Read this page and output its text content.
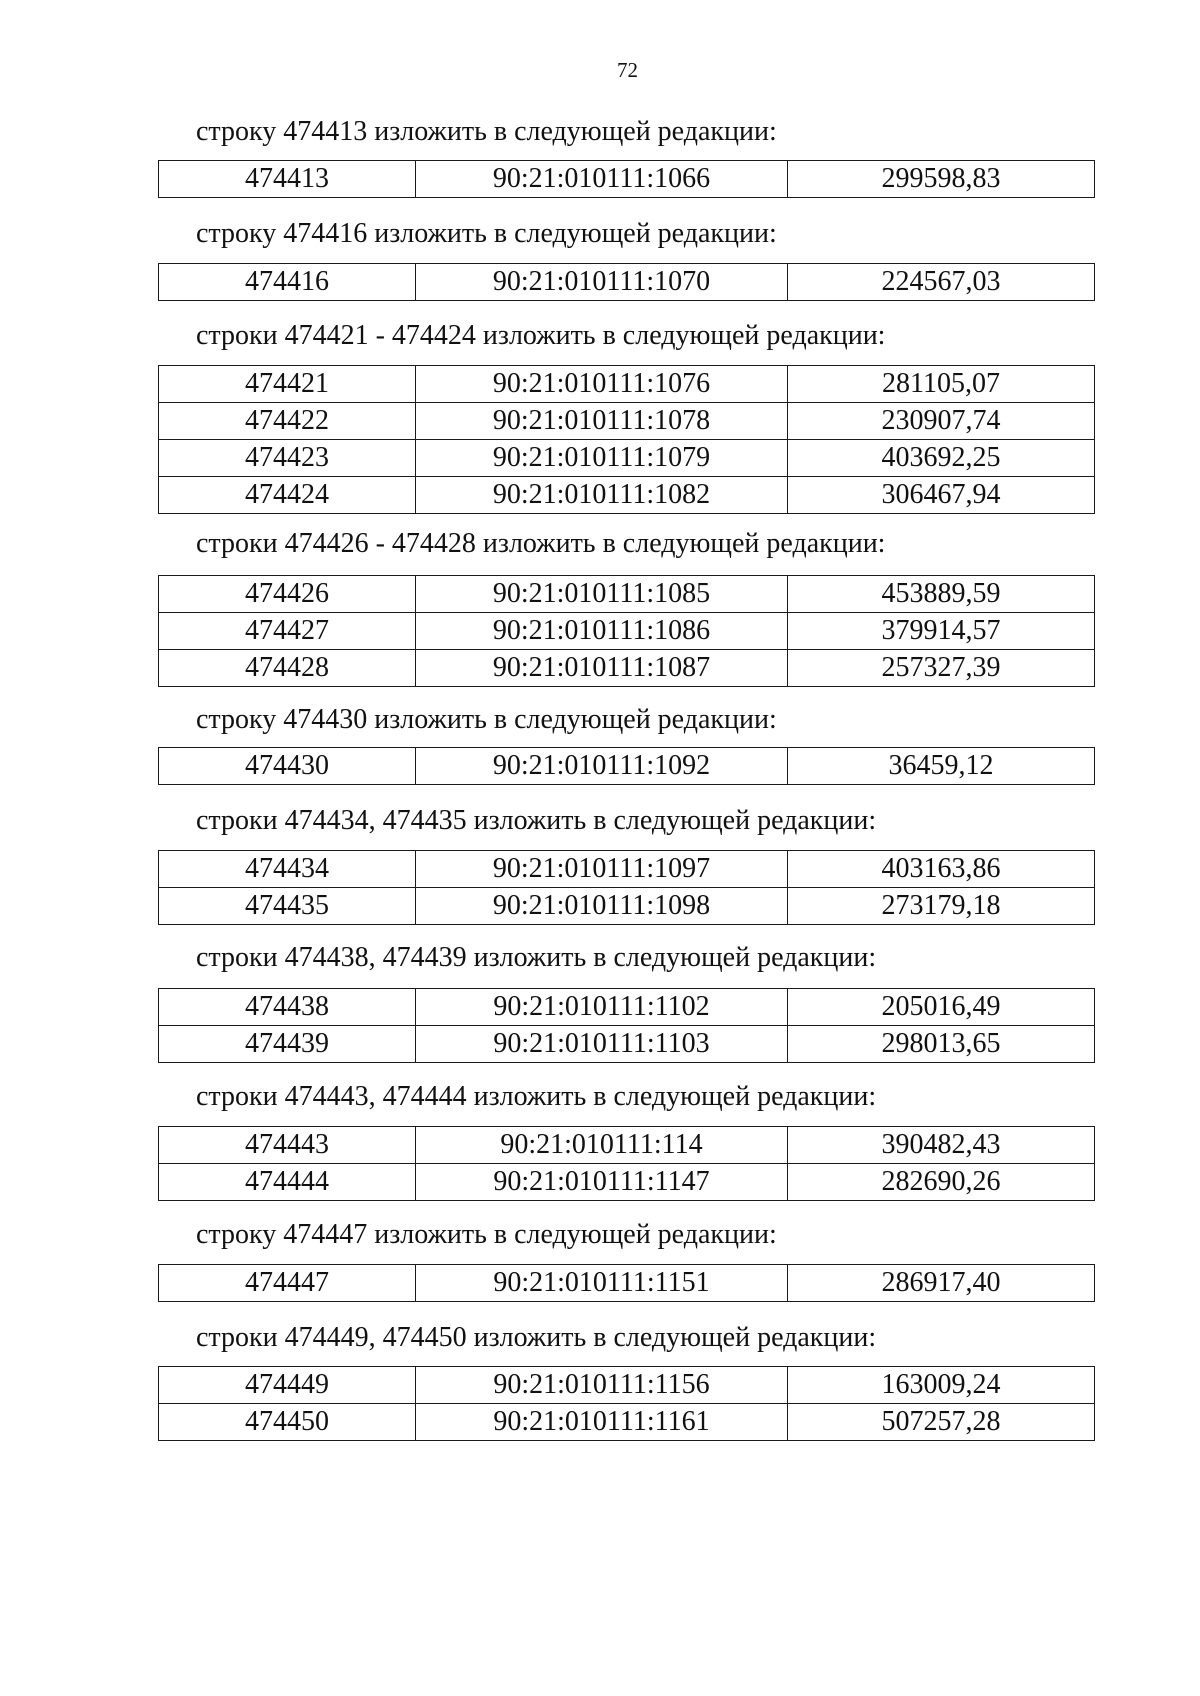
72
строку 474413 изложить в следующей редакции:
474413	90:21:010111:1066	299598,83
строку 474416 изложить в следующей редакции:
474416	90:21:010111:1070	224567,03
строки 474421 - 474424 изложить в следующей редакции:
474421	90:21:010111:1076	281105,07
474422	90:21:010111:1078	230907,74
474423	90:21:010111:1079	403692,25
474424	90:21:010111:1082	306467,94
строки 474426 - 474428 изложить в следующей редакции:
474426	90:21:010111:1085	453889,59
474427	90:21:010111:1086	379914,57
474428	90:21:010111:1087	257327,39
строку 474430 изложить в следующей редакции:
474430	90:21:010111:1092	36459,12
строки 474434, 474435 изложить в следующей редакции:
474434	90:21:010111:1097	403163,86
474435	90:21:010111:1098	273179,18
строки 474438, 474439 изложить в следующей редакции:
474438	90:21:010111:1102	205016,49
474439	90:21:010111:1103	298013,65
строки 474443, 474444 изложить в следующей редакции:
474443	90:21:010111:114	390482,43
474444	90:21:010111:1147	282690,26
строку 474447 изложить в следующей редакции:
474447	90:21:010111:1151	286917,40
строки 474449, 474450 изложить в следующей редакции:
474449	90:21:010111:1156	163009,24
474450	90:21:010111:1161	507257,28
